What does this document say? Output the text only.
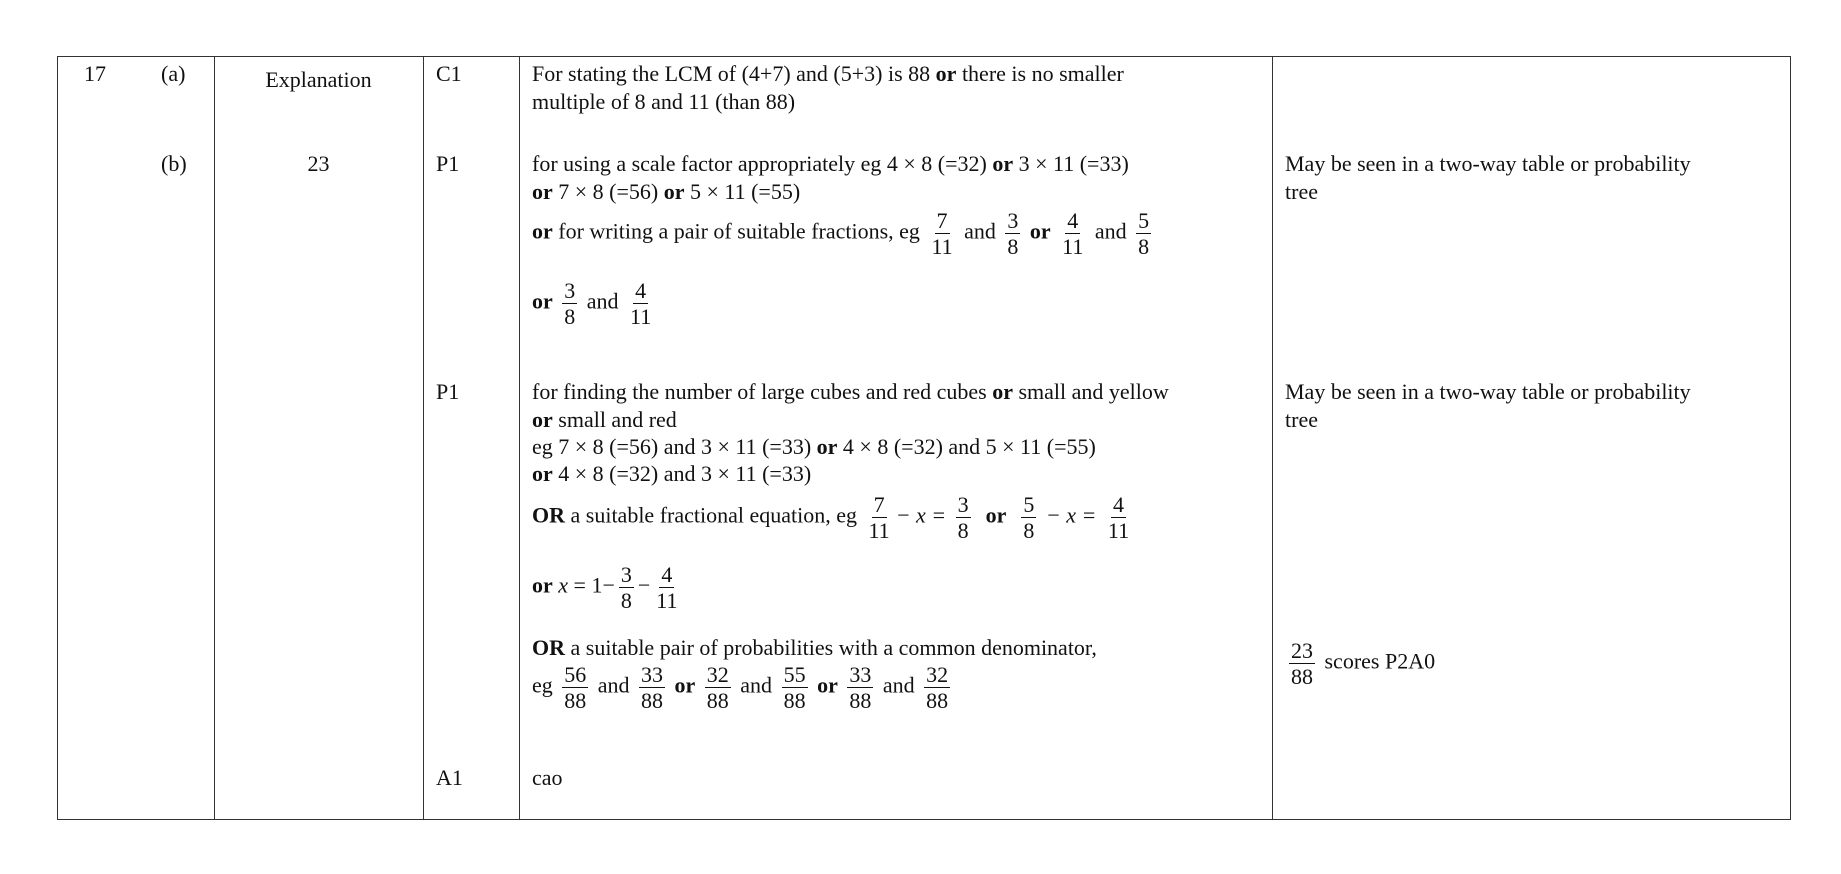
17	(a)
(b)
Explanation
23
C1
P1
P1
A1
For stating the LCM of (4+7) and (5+3) is 88 or there is no smaller
multiple of 8 and 11 (than 88)
for using a scale factor appropriately eg 4 × 8 (=32) or 3 × 11 (=33)
or 7 × 8 (=56) or 5 × 11 (=55)
or for writing a pair of suitable fractions, eg $\frac{7}{11}$ and $\frac{3}{8}$ or $\frac{4}{11}$ and $\frac{5}{8}$
or $\frac{3}{8}$ and $\frac{4}{11}$
May be seen in a two-way table or probability
tree
for finding the number of large cubes and red cubes or small and yellow
or small and red
eg 7 × 8 (=56) and 3 × 11 (=33) or 4 × 8 (=32) and 5 × 11 (=55)
or 4 × 8 (=32) and 3 × 11 (=33)
OR a suitable fractional equation, eg $\frac{7}{11} - x = \frac{3}{8}$ or $\frac{5}{8} - x = \frac{4}{11}$
or $x = 1- \frac{3}{8} - \frac{4}{11}$
OR a suitable pair of probabilities with a common denominator,
eg $\frac{56}{88}$ and $\frac{33}{88}$ or $\frac{32}{88}$ and $\frac{55}{88}$ or $\frac{33}{88}$ and $\frac{32}{88}$
May be seen in a two-way table or probability
tree
$\frac{23}{88}$ scores P2A0
cao
